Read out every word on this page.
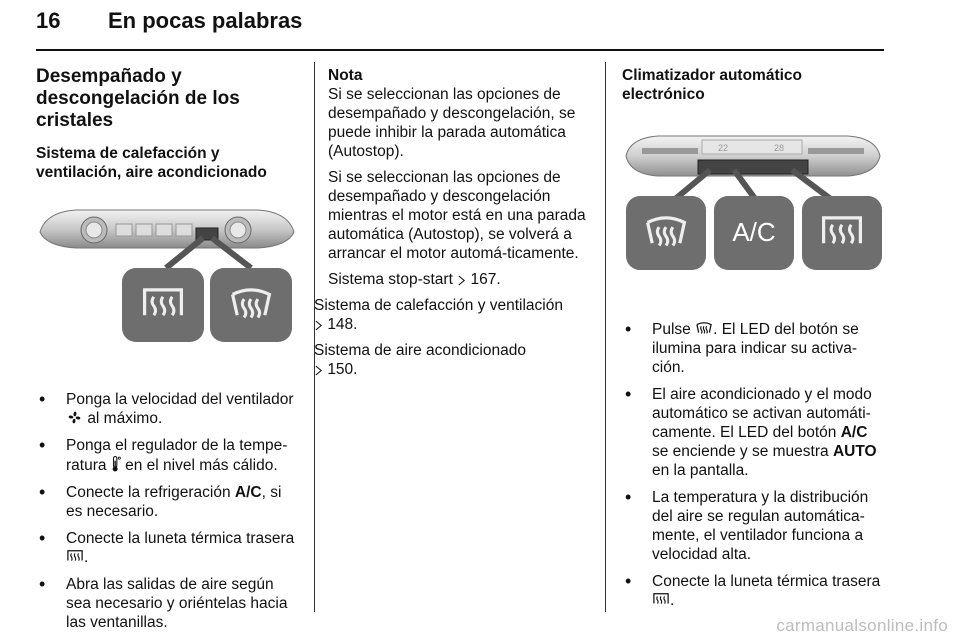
16 En pocas palabras
Desempañado y descongelación de los cristales
Sistema de calefacción y ventilación, aire acondicionado
• Ponga la velocidad del ventilador
al máximo.
• Ponga el regulador de la tempe-ratura en el nivel más cálido.
• Conecte la refrigeración A/C, si es necesario.
• Conecte la luneta térmica trasera .
• Abra las salidas de aire según sea necesario y oriéntelas hacia las ventanillas.
Nota
Si se seleccionan las opciones de desempañado y descongelación, se puede inhibir la parada automática (Autostop).
Si se seleccionan las opciones de desempañado y descongelación mientras el motor está en una parada automática (Autostop), se volverá a arrancar el motor automá-ticamente.
Sistema stop-start 167.
Sistema de calefacción y ventilación
148.
Sistema de aire acondicionado
150.
Climatizador automático electrónico
22	28
A/C
• Pulse . El LED del botón se ilumina para indicar su activa-ción.
• El aire acondicionado y el modo automático se activan automáti-camente. El LED del botón A/C se enciende y se muestra AUTO en la pantalla.
• La temperatura y la distribución del aire se regulan automática-mente, el ventilador funciona a velocidad alta.
• Conecte la luneta térmica trasera .
carmanualsonline.info
